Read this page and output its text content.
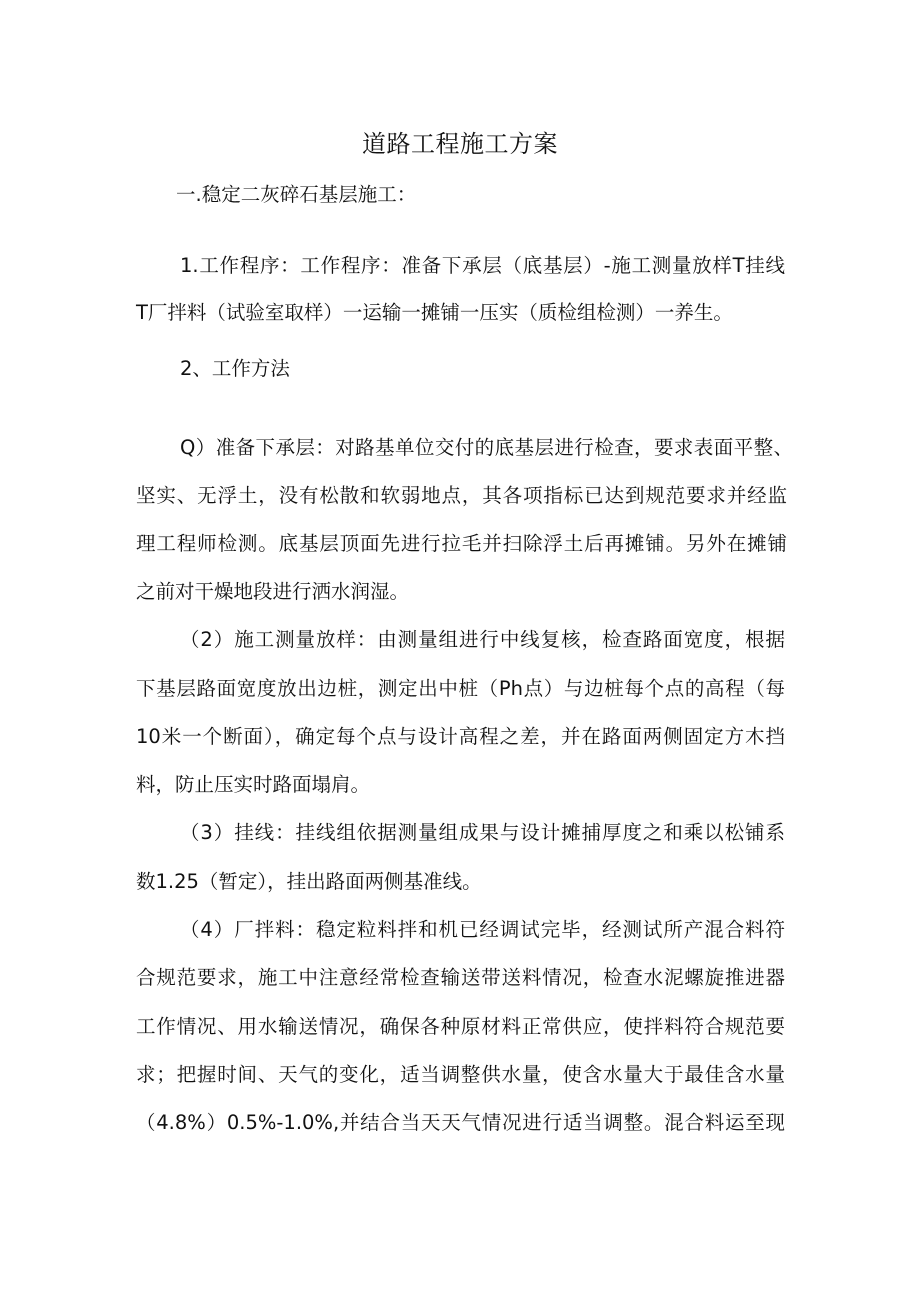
道路工程施工方案
一.稳定二灰碎石基层施工：
1.工作程序：工作程序：准备下承层（底基层）-施工测量放样T挂线
T厂拌料（试验室取样）一运输一摊铺一压实（质检组检测）一养生。
2、工作方法
Q）准备下承层：对路基单位交付的底基层进行检查，要求表面平整、
坚实、无浮土，没有松散和软弱地点，其各项指标已达到规范要求并经监
理工程师检测。底基层顶面先进行拉毛并扫除浮土后再摊铺。另外在摊铺
之前对干燥地段进行洒水润湿。
（2）施工测量放样：由测量组进行中线复核，检查路面宽度，根据
下基层路面宽度放出边桩，测定出中桩（Ph点）与边桩每个点的高程（每
10米一个断面），确定每个点与设计高程之差，并在路面两侧固定方木挡
料，防止压实时路面塌肩。
（3）挂线：挂线组依据测量组成果与设计摊捕厚度之和乘以松铺系
数1.25（暂定），挂出路面两侧基准线。
（4）厂拌料：稳定粒料拌和机已经调试完毕，经测试所产混合料符
合规范要求，施工中注意经常检查输送带送料情况，检查水泥螺旋推进器
工作情况、用水输送情况，确保各种原材料正常供应，使拌料符合规范要
求；把握时间、天气的变化，适当调整供水量，使含水量大于最佳含水量
（4.8%）0.5%-1.0%,并结合当天天气情况进行适当调整。混合料运至现
